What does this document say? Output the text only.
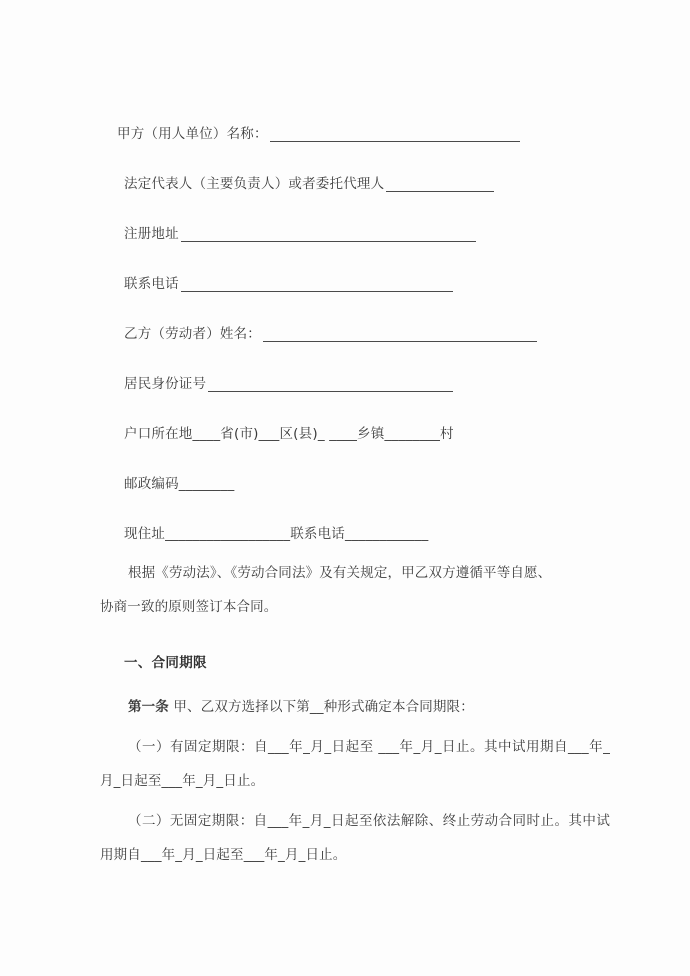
甲方（用人单位）名称：
法定代表人（主要负责人）或者委托代理人
注册地址
联系电话
乙方（劳动者）姓名：
居民身份证号
户口所在地____省(市)___区(县)_ ____乡镇________村
邮政编码________
现住址__________________联系电话____________
根据《劳动法》、《劳动合同法》及有关规定，甲乙双方遵循平等自愿、
协商一致的原则签订本合同。
一、合同期限
第一条 甲、乙双方选择以下第__种形式确定本合同期限：
（一）有固定期限：自___年_月_日起至 ___年_月_日止。其中试用期自___年_月_日起至___年_月_日止。
（二）无固定期限：自___年_月_日起至依法解除、终止劳动合同时止。其中试用期自___年_月_日起至___年_月_日止。
